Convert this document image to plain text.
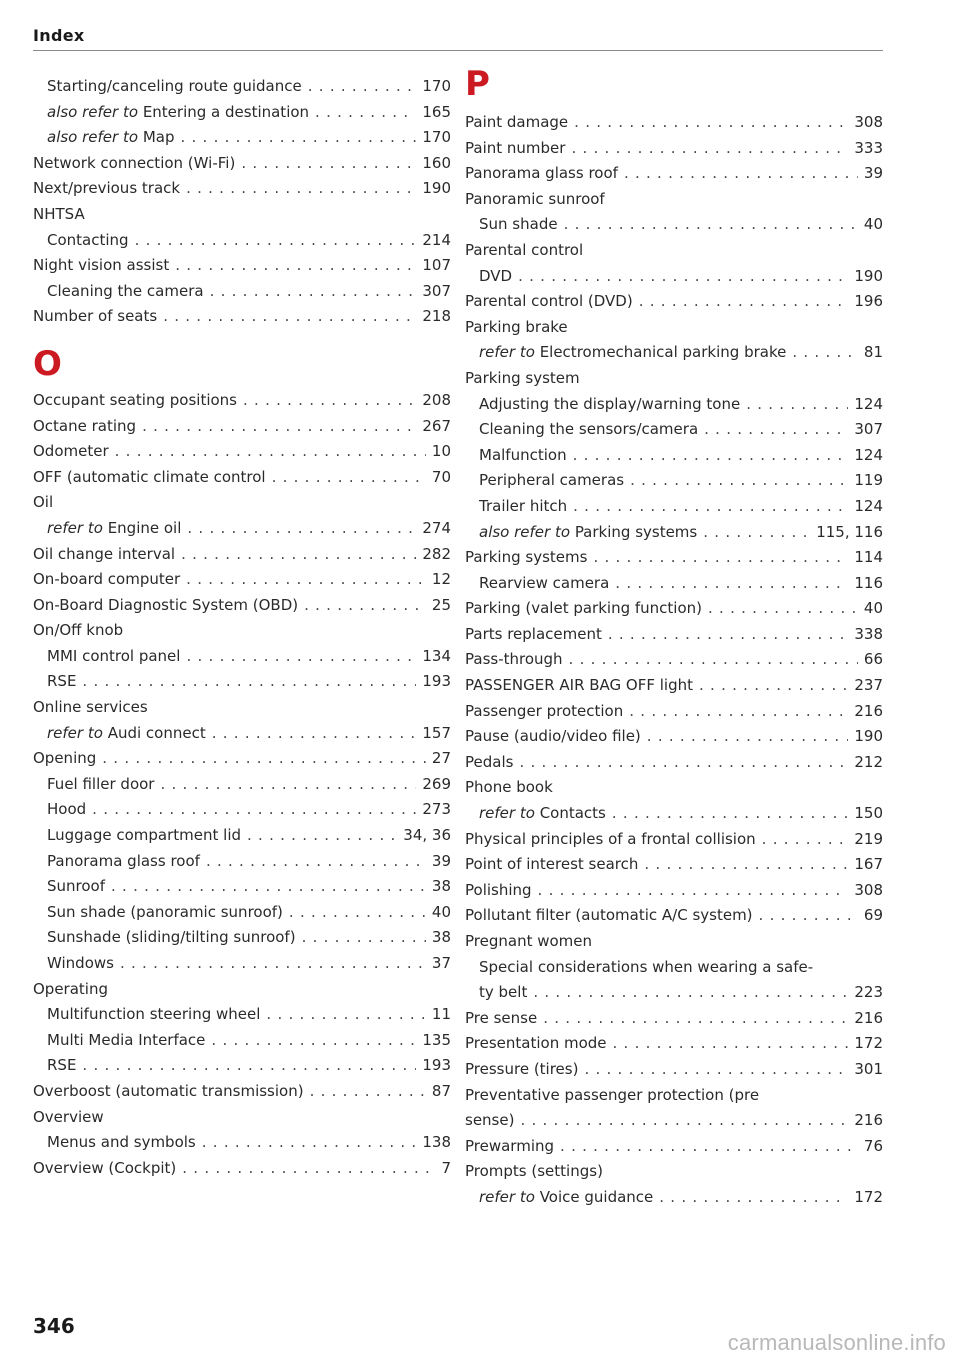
Index
Starting/canceling route guidance . . .	170
also refer to Entering a destination . . .	165
also refer to Map . . .	170
Network connection (Wi-Fi) . . .	160
Next/previous track . . .	190
NHTSA
Contacting . . .	214
Night vision assist . . .	107
Cleaning the camera . . .	307
Number of seats . . .	218
O
Occupant seating positions . . .	208
Octane rating . . .	267
Odometer . . .	10
OFF (automatic climate control . . .	70
Oil
refer to Engine oil . . .	274
Oil change interval . . .	282
On-board computer . . .	12
On-Board Diagnostic System (OBD) . . .	25
On/Off knob
MMI control panel . . .	134
RSE . . .	193
Online services
refer to Audi connect . . .	157
Opening . . .	27
Fuel filler door . . .	269
Hood . . .	273
Luggage compartment lid . . .	34, 36
Panorama glass roof . . .	39
Sunroof . . .	38
Sun shade (panoramic sunroof) . . .	40
Sunshade (sliding/tilting sunroof) . . .	38
Windows . . .	37
Operating
Multifunction steering wheel . . .	11
Multi Media Interface . . .	135
RSE . . .	193
Overboost (automatic transmission) . . .	87
Overview
Menus and symbols . . .	138
Overview (Cockpit) . . .	7
P
Paint damage . . .	308
Paint number . . .	333
Panorama glass roof . . .	39
Panoramic sunroof
Sun shade . . .	40
Parental control
DVD . . .	190
Parental control (DVD) . . .	196
Parking brake
refer to Electromechanical parking brake . . .	81
Parking system
Adjusting the display/warning tone . . .	124
Cleaning the sensors/camera . . .	307
Malfunction . . .	124
Peripheral cameras . . .	119
Trailer hitch . . .	124
also refer to Parking systems . . .	115, 116
Parking systems . . .	114
Rearview camera . . .	116
Parking (valet parking function) . . .	40
Parts replacement . . .	338
Pass-through . . .	66
PASSENGER AIR BAG OFF light . . .	237
Passenger protection . . .	216
Pause (audio/video file) . . .	190
Pedals . . .	212
Phone book
refer to Contacts . . .	150
Physical principles of a frontal collision . . .	219
Point of interest search . . .	167
Polishing . . .	308
Pollutant filter (automatic A/C system) . . .	69
Pregnant women
Special considerations when wearing a safe-
ty belt . . .	223
Pre sense . . .	216
Presentation mode . . .	172
Pressure (tires) . . .	301
Preventative passenger protection (pre
sense) . . .	216
Prewarming . . .	76
Prompts (settings)
refer to Voice guidance . . .	172
346
carmanualsonline.info
